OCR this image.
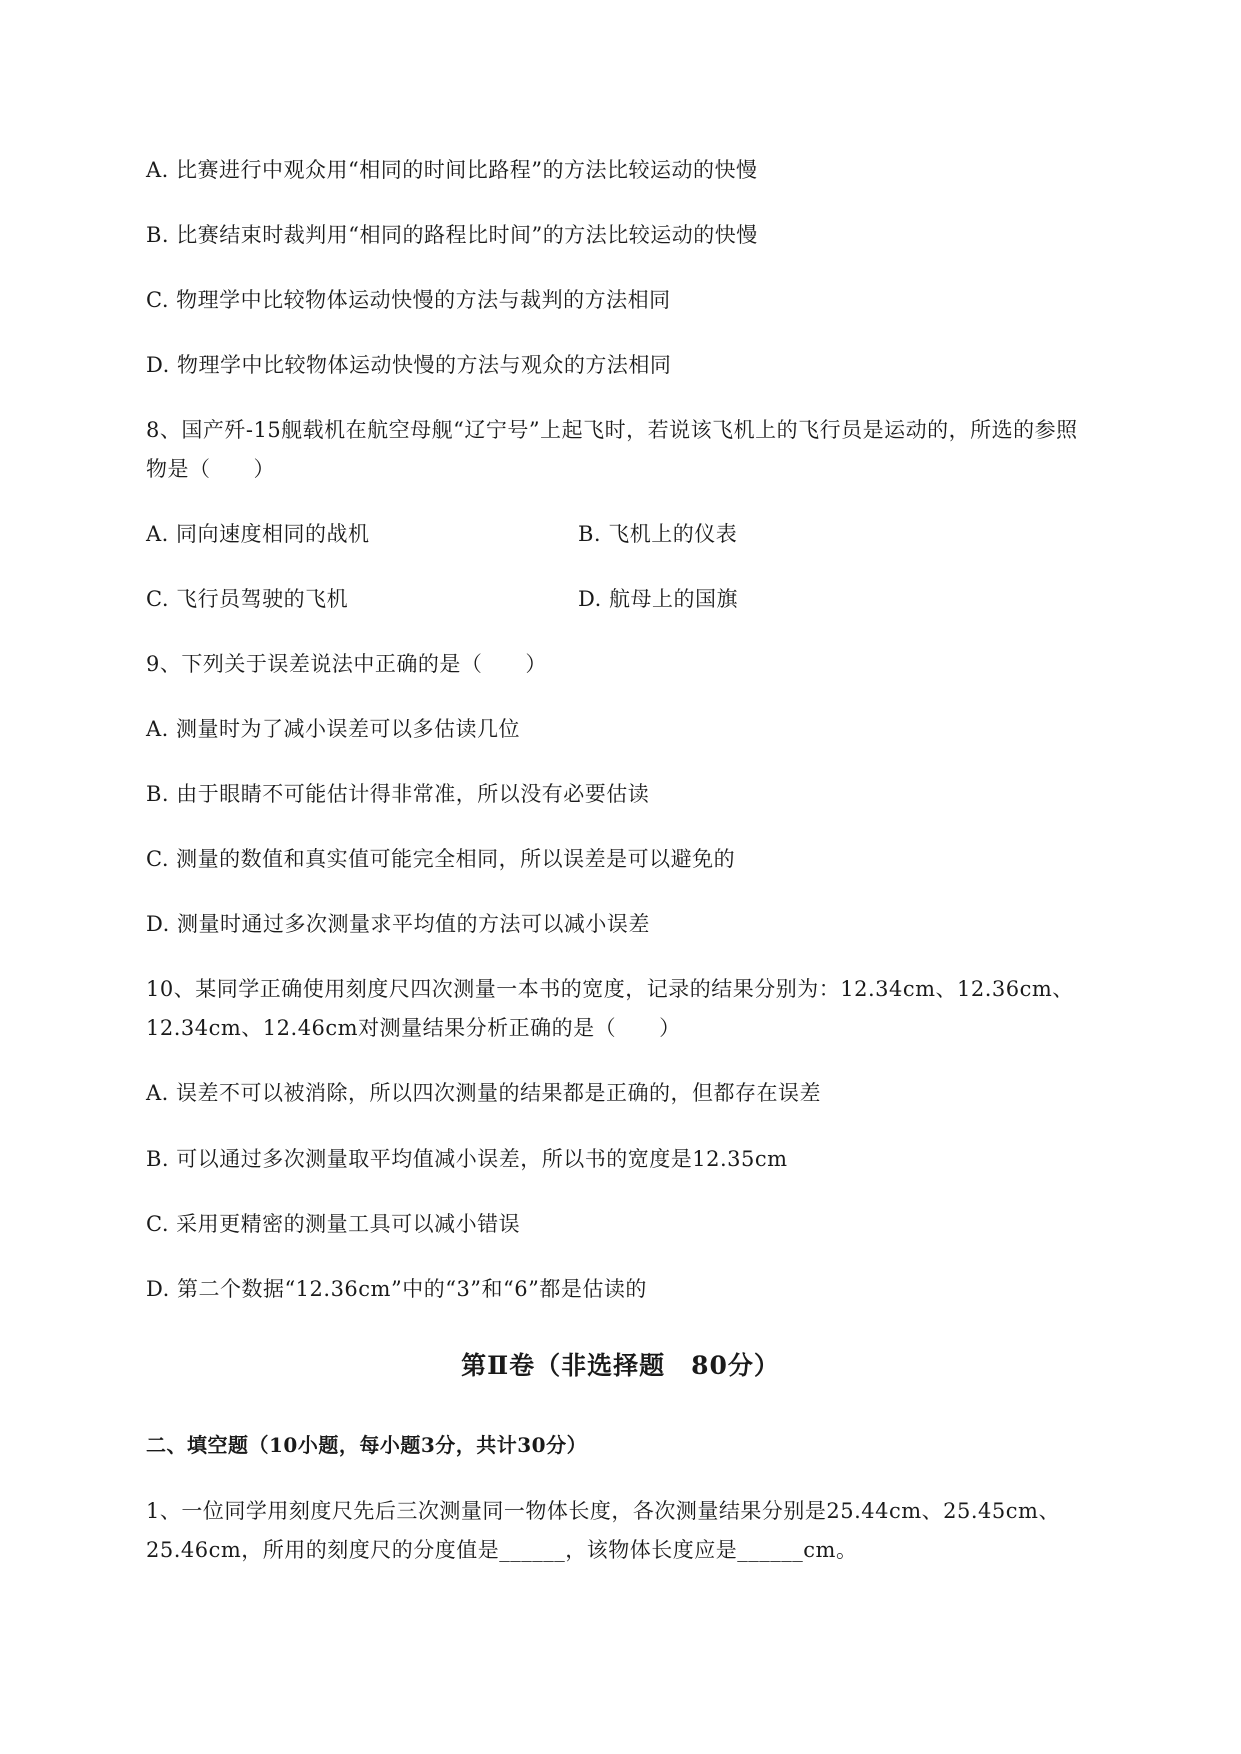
A. 比赛进行中观众用“相同的时间比路程”的方法比较运动的快慢
B. 比赛结束时裁判用“相同的路程比时间”的方法比较运动的快慢
C. 物理学中比较物体运动快慢的方法与裁判的方法相同
D. 物理学中比较物体运动快慢的方法与观众的方法相同
8、国产歼-15舰载机在航空母舰“辽宁号”上起飞时，若说该飞机上的飞行员是运动的，所选的参照
物是（　　）
A. 同向速度相同的战机	B. 飞机上的仪表
C. 飞行员驾驶的飞机	D. 航母上的国旗
9、下列关于误差说法中正确的是（　　）
A. 测量时为了减小误差可以多估读几位
B. 由于眼睛不可能估计得非常准，所以没有必要估读
C. 测量的数值和真实值可能完全相同，所以误差是可以避免的
D. 测量时通过多次测量求平均值的方法可以减小误差
10、某同学正确使用刻度尺四次测量一本书的宽度，记录的结果分别为：12.34cm、12.36cm、
12.34cm、12.46cm对测量结果分析正确的是（　　）
A. 误差不可以被消除，所以四次测量的结果都是正确的，但都存在误差
B. 可以通过多次测量取平均值减小误差，所以书的宽度是12.35cm
C. 采用更精密的测量工具可以减小错误
D. 第二个数据“12.36cm”中的“3”和“6”都是估读的
第Ⅱ卷（非选择题　80分）
二、填空题（10小题，每小题3分，共计30分）
1、一位同学用刻度尺先后三次测量同一物体长度，各次测量结果分别是25.44cm、25.45cm、
25.46cm，所用的刻度尺的分度值是______，该物体长度应是______cm。
